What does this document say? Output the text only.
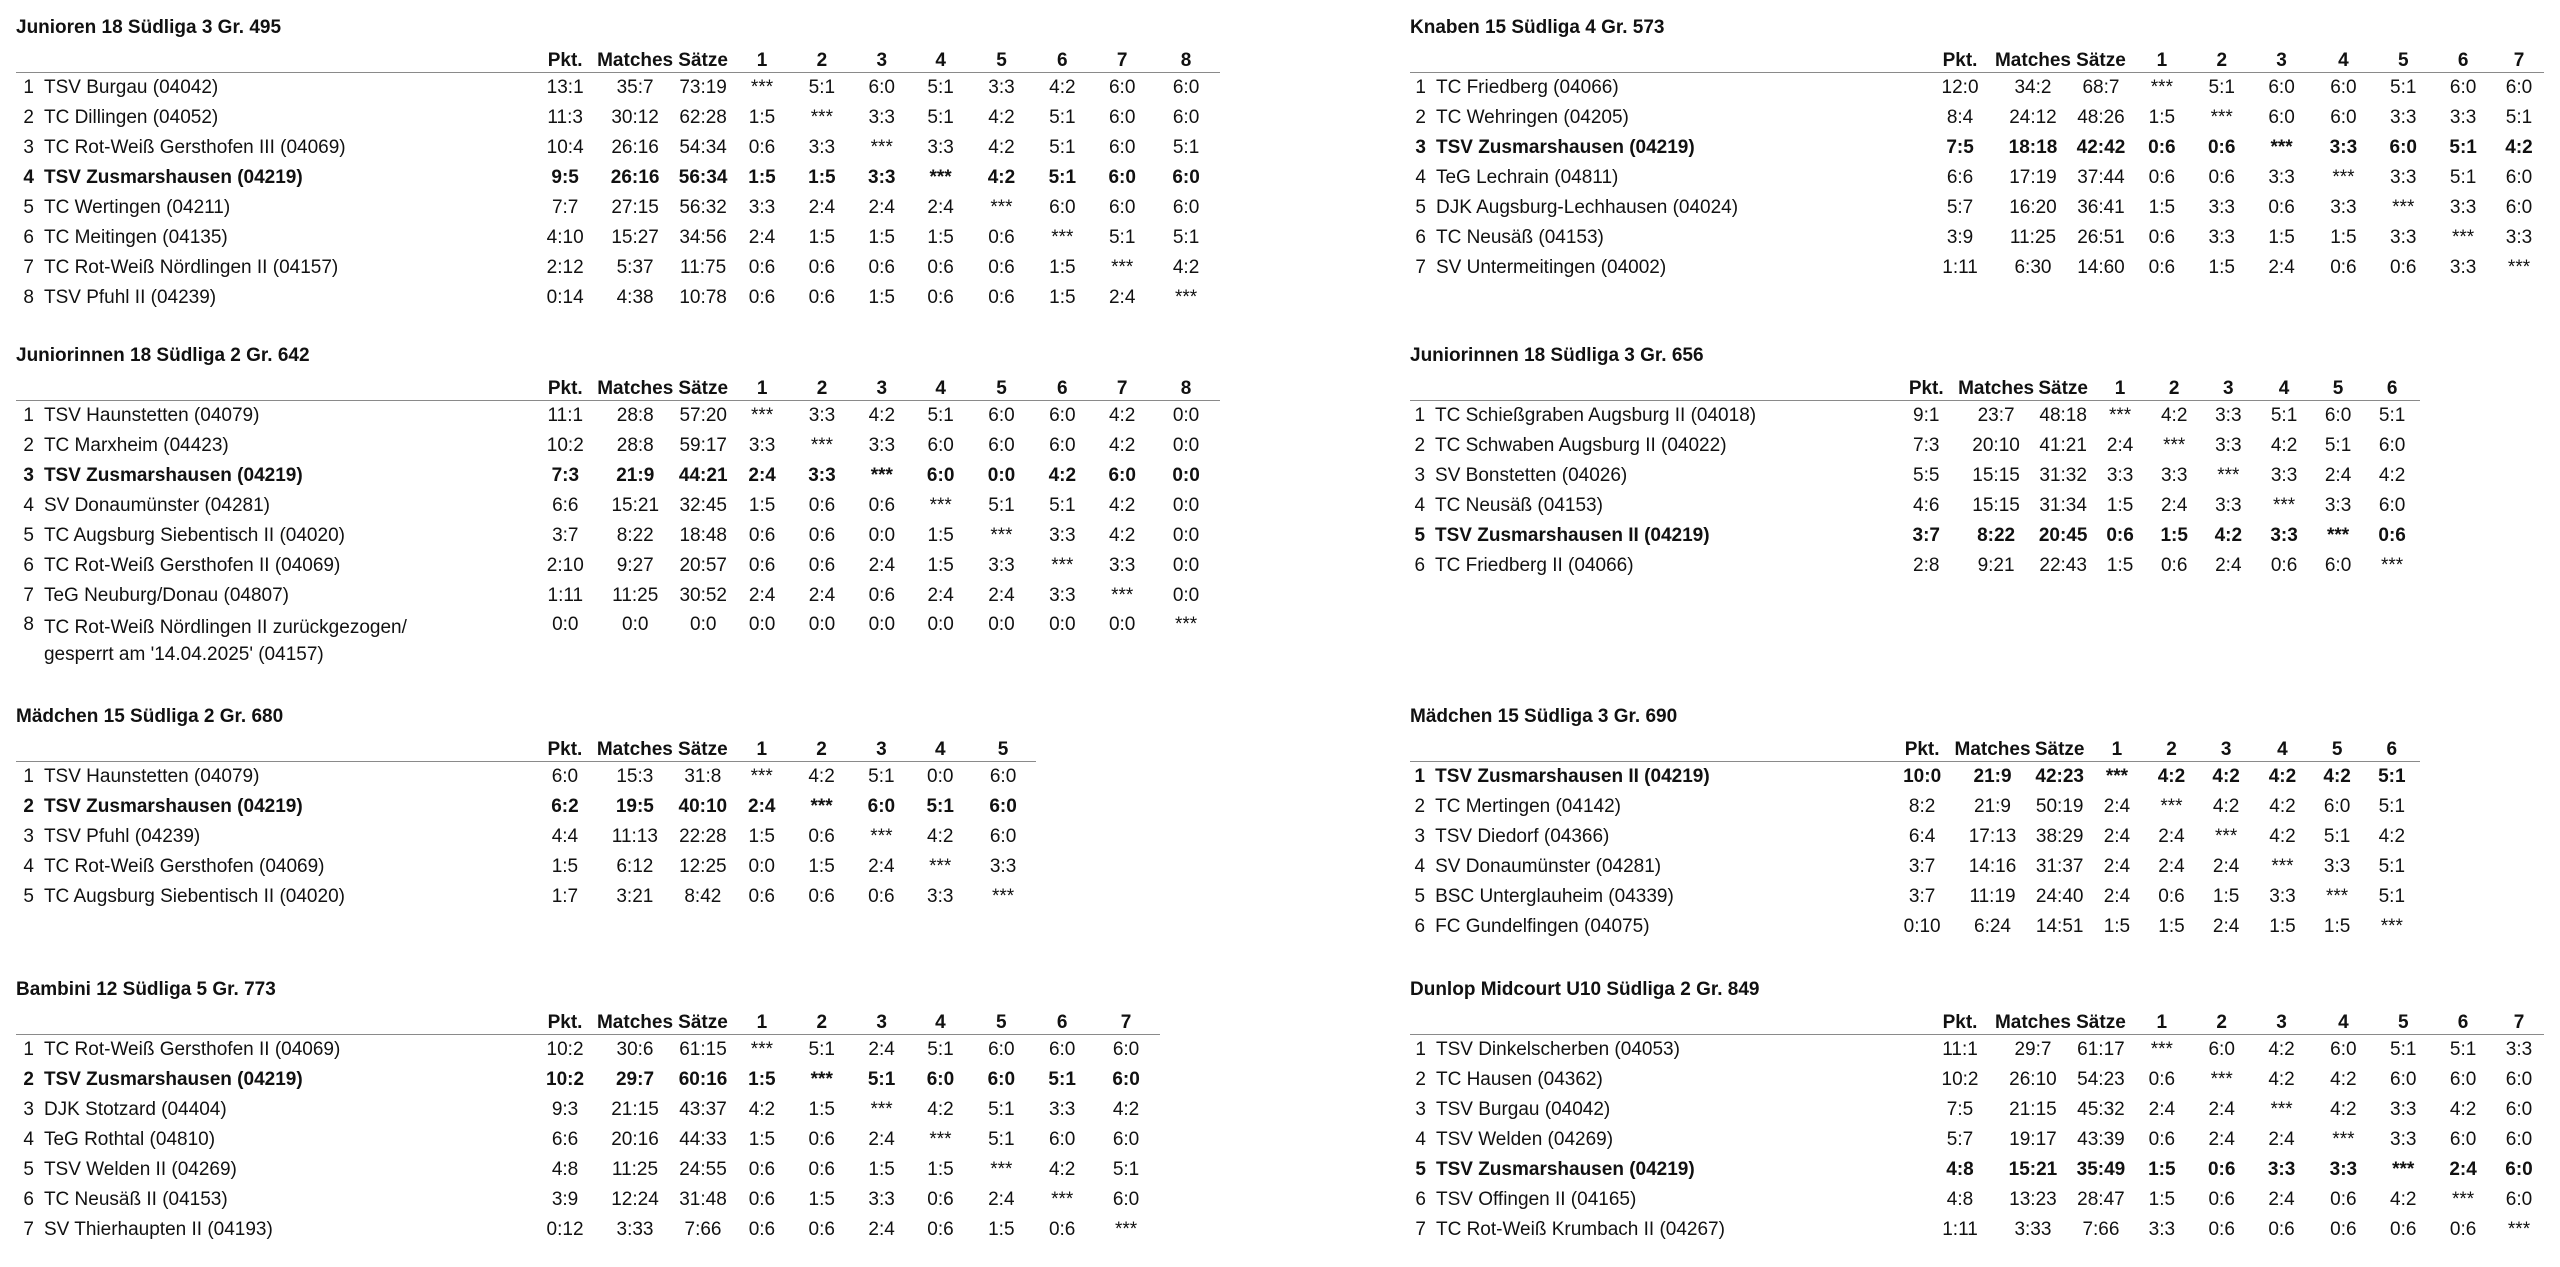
Junioren 18 Südliga 3 Gr. 495
		Pkt.	Matches	Sätze	1	2	3	4	5	6	7	8
1	TSV Burgau (04042)	13:1	35:7	73:19	***	5:1	6:0	5:1	3:3	4:2	6:0	6:0
2	TC Dillingen (04052)	11:3	30:12	62:28	1:5	***	3:3	5:1	4:2	5:1	6:0	6:0
3	TC Rot-Weiß Gersthofen III (04069)	10:4	26:16	54:34	0:6	3:3	***	3:3	4:2	5:1	6:0	5:1
4	TSV Zusmarshausen (04219)	9:5	26:16	56:34	1:5	1:5	3:3	***	4:2	5:1	6:0	6:0
5	TC Wertingen (04211)	7:7	27:15	56:32	3:3	2:4	2:4	2:4	***	6:0	6:0	6:0
6	TC Meitingen (04135)	4:10	15:27	34:56	2:4	1:5	1:5	1:5	0:6	***	5:1	5:1
7	TC Rot-Weiß Nördlingen II (04157)	2:12	5:37	11:75	0:6	0:6	0:6	0:6	0:6	1:5	***	4:2
8	TSV Pfuhl II (04239)	0:14	4:38	10:78	0:6	0:6	1:5	0:6	0:6	1:5	2:4	***
Knaben 15 Südliga 4 Gr. 573
		Pkt.	Matches	Sätze	1	2	3	4	5	6	7
1	TC Friedberg (04066)	12:0	34:2	68:7	***	5:1	6:0	6:0	5:1	6:0	6:0
2	TC Wehringen (04205)	8:4	24:12	48:26	1:5	***	6:0	6:0	3:3	3:3	5:1
3	TSV Zusmarshausen (04219)	7:5	18:18	42:42	0:6	0:6	***	3:3	6:0	5:1	4:2
4	TeG Lechrain (04811)	6:6	17:19	37:44	0:6	0:6	3:3	***	3:3	5:1	6:0
5	DJK Augsburg-Lechhausen (04024)	5:7	16:20	36:41	1:5	3:3	0:6	3:3	***	3:3	6:0
6	TC Neusäß (04153)	3:9	11:25	26:51	0:6	3:3	1:5	1:5	3:3	***	3:3
7	SV Untermeitingen (04002)	1:11	6:30	14:60	0:6	1:5	2:4	0:6	0:6	3:3	***
Juniorinnen 18 Südliga 2 Gr. 642
		Pkt.	Matches	Sätze	1	2	3	4	5	6	7	8
1	TSV Haunstetten (04079)	11:1	28:8	57:20	***	3:3	4:2	5:1	6:0	6:0	4:2	0:0
2	TC Marxheim (04423)	10:2	28:8	59:17	3:3	***	3:3	6:0	6:0	6:0	4:2	0:0
3	TSV Zusmarshausen (04219)	7:3	21:9	44:21	2:4	3:3	***	6:0	0:0	4:2	6:0	0:0
4	SV Donaumünster (04281)	6:6	15:21	32:45	1:5	0:6	0:6	***	5:1	5:1	4:2	0:0
5	TC Augsburg Siebentisch II (04020)	3:7	8:22	18:48	0:6	0:6	0:0	1:5	***	3:3	4:2	0:0
6	TC Rot-Weiß Gersthofen II (04069)	2:10	9:27	20:57	0:6	0:6	2:4	1:5	3:3	***	3:3	0:0
7	TeG Neuburg/Donau (04807)	1:11	11:25	30:52	2:4	2:4	0:6	2:4	2:4	3:3	***	0:0
8	TC Rot-Weiß Nördlingen II zurückgezogen/
gesperrt am '14.04.2025' (04157)	0:0	0:0	0:0	0:0	0:0	0:0	0:0	0:0	0:0	0:0	***
Juniorinnen 18 Südliga 3 Gr. 656
		Pkt.	Matches	Sätze	1	2	3	4	5	6
1	TC Schießgraben Augsburg II (04018)	9:1	23:7	48:18	***	4:2	3:3	5:1	6:0	5:1
2	TC Schwaben Augsburg II (04022)	7:3	20:10	41:21	2:4	***	3:3	4:2	5:1	6:0
3	SV Bonstetten (04026)	5:5	15:15	31:32	3:3	3:3	***	3:3	2:4	4:2
4	TC Neusäß (04153)	4:6	15:15	31:34	1:5	2:4	3:3	***	3:3	6:0
5	TSV Zusmarshausen II (04219)	3:7	8:22	20:45	0:6	1:5	4:2	3:3	***	0:6
6	TC Friedberg II (04066)	2:8	9:21	22:43	1:5	0:6	2:4	0:6	6:0	***
Mädchen 15 Südliga 2 Gr. 680
		Pkt.	Matches	Sätze	1	2	3	4	5
1	TSV Haunstetten (04079)	6:0	15:3	31:8	***	4:2	5:1	0:0	6:0
2	TSV Zusmarshausen (04219)	6:2	19:5	40:10	2:4	***	6:0	5:1	6:0
3	TSV Pfuhl (04239)	4:4	11:13	22:28	1:5	0:6	***	4:2	6:0
4	TC Rot-Weiß Gersthofen (04069)	1:5	6:12	12:25	0:0	1:5	2:4	***	3:3
5	TC Augsburg Siebentisch II (04020)	1:7	3:21	8:42	0:6	0:6	0:6	3:3	***
Mädchen 15 Südliga 3 Gr. 690
		Pkt.	Matches	Sätze	1	2	3	4	5	6
1	TSV Zusmarshausen II (04219)	10:0	21:9	42:23	***	4:2	4:2	4:2	4:2	5:1
2	TC Mertingen (04142)	8:2	21:9	50:19	2:4	***	4:2	4:2	6:0	5:1
3	TSV Diedorf (04366)	6:4	17:13	38:29	2:4	2:4	***	4:2	5:1	4:2
4	SV Donaumünster (04281)	3:7	14:16	31:37	2:4	2:4	2:4	***	3:3	5:1
5	BSC Unterglauheim (04339)	3:7	11:19	24:40	2:4	0:6	1:5	3:3	***	5:1
6	FC Gundelfingen (04075)	0:10	6:24	14:51	1:5	1:5	2:4	1:5	1:5	***
Bambini 12 Südliga 5 Gr. 773
		Pkt.	Matches	Sätze	1	2	3	4	5	6	7
1	TC Rot-Weiß Gersthofen II (04069)	10:2	30:6	61:15	***	5:1	2:4	5:1	6:0	6:0	6:0
2	TSV Zusmarshausen (04219)	10:2	29:7	60:16	1:5	***	5:1	6:0	6:0	5:1	6:0
3	DJK Stotzard (04404)	9:3	21:15	43:37	4:2	1:5	***	4:2	5:1	3:3	4:2
4	TeG Rothtal (04810)	6:6	20:16	44:33	1:5	0:6	2:4	***	5:1	6:0	6:0
5	TSV Welden II (04269)	4:8	11:25	24:55	0:6	0:6	1:5	1:5	***	4:2	5:1
6	TC Neusäß II (04153)	3:9	12:24	31:48	0:6	1:5	3:3	0:6	2:4	***	6:0
7	SV Thierhaupten II (04193)	0:12	3:33	7:66	0:6	0:6	2:4	0:6	1:5	0:6	***
Dunlop Midcourt U10 Südliga 2 Gr. 849
		Pkt.	Matches	Sätze	1	2	3	4	5	6	7
1	TSV Dinkelscherben (04053)	11:1	29:7	61:17	***	6:0	4:2	6:0	5:1	5:1	3:3
2	TC Hausen (04362)	10:2	26:10	54:23	0:6	***	4:2	4:2	6:0	6:0	6:0
3	TSV Burgau (04042)	7:5	21:15	45:32	2:4	2:4	***	4:2	3:3	4:2	6:0
4	TSV Welden (04269)	5:7	19:17	43:39	0:6	2:4	2:4	***	3:3	6:0	6:0
5	TSV Zusmarshausen (04219)	4:8	15:21	35:49	1:5	0:6	3:3	3:3	***	2:4	6:0
6	TSV Offingen II (04165)	4:8	13:23	28:47	1:5	0:6	2:4	0:6	4:2	***	6:0
7	TC Rot-Weiß Krumbach II (04267)	1:11	3:33	7:66	3:3	0:6	0:6	0:6	0:6	0:6	***
